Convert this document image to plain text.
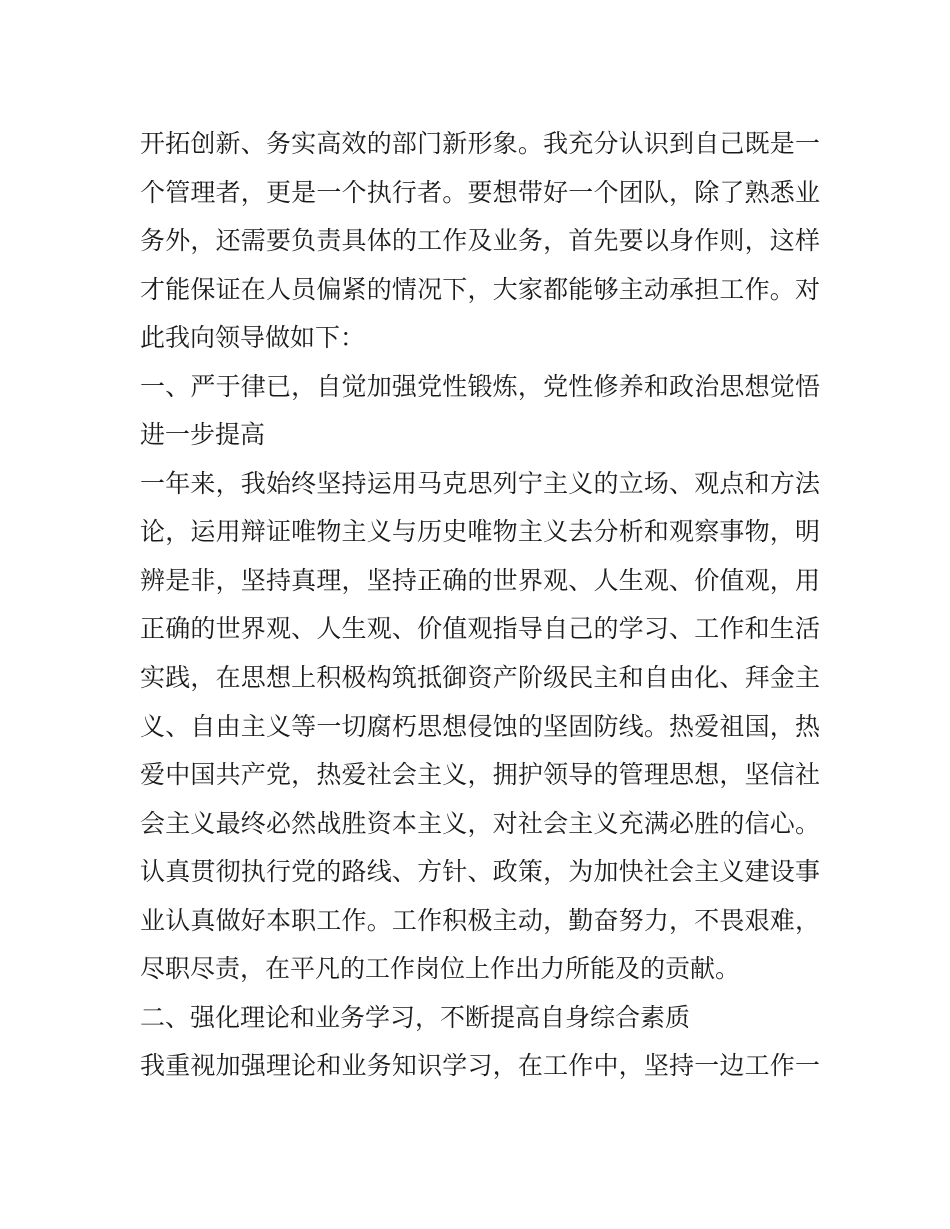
开拓创新、务实高效的部门新形象。我充分认识到自己既是一
个管理者，更是一个执行者。要想带好一个团队，除了熟悉业
务外，还需要负责具体的工作及业务，首先要以身作则，这样
才能保证在人员偏紧的情况下，大家都能够主动承担工作。对
此我向领导做如下：
一、严于律已，自觉加强党性锻炼，党性修养和政治思想觉悟
进一步提高
一年来，我始终坚持运用马克思列宁主义的立场、观点和方法
论，运用辩证唯物主义与历史唯物主义去分析和观察事物，明
辨是非，坚持真理，坚持正确的世界观、人生观、价值观，用
正确的世界观、人生观、价值观指导自己的学习、工作和生活
实践，在思想上积极构筑抵御资产阶级民主和自由化、拜金主
义、自由主义等一切腐朽思想侵蚀的坚固防线。热爱祖国，热
爱中国共产党，热爱社会主义，拥护领导的管理思想，坚信社
会主义最终必然战胜资本主义，对社会主义充满必胜的信心。
认真贯彻执行党的路线、方针、政策，为加快社会主义建设事
业认真做好本职工作。工作积极主动，勤奋努力，不畏艰难，
尽职尽责，在平凡的工作岗位上作出力所能及的贡献。
二、强化理论和业务学习，不断提高自身综合素质
我重视加强理论和业务知识学习，在工作中，坚持一边工作一
